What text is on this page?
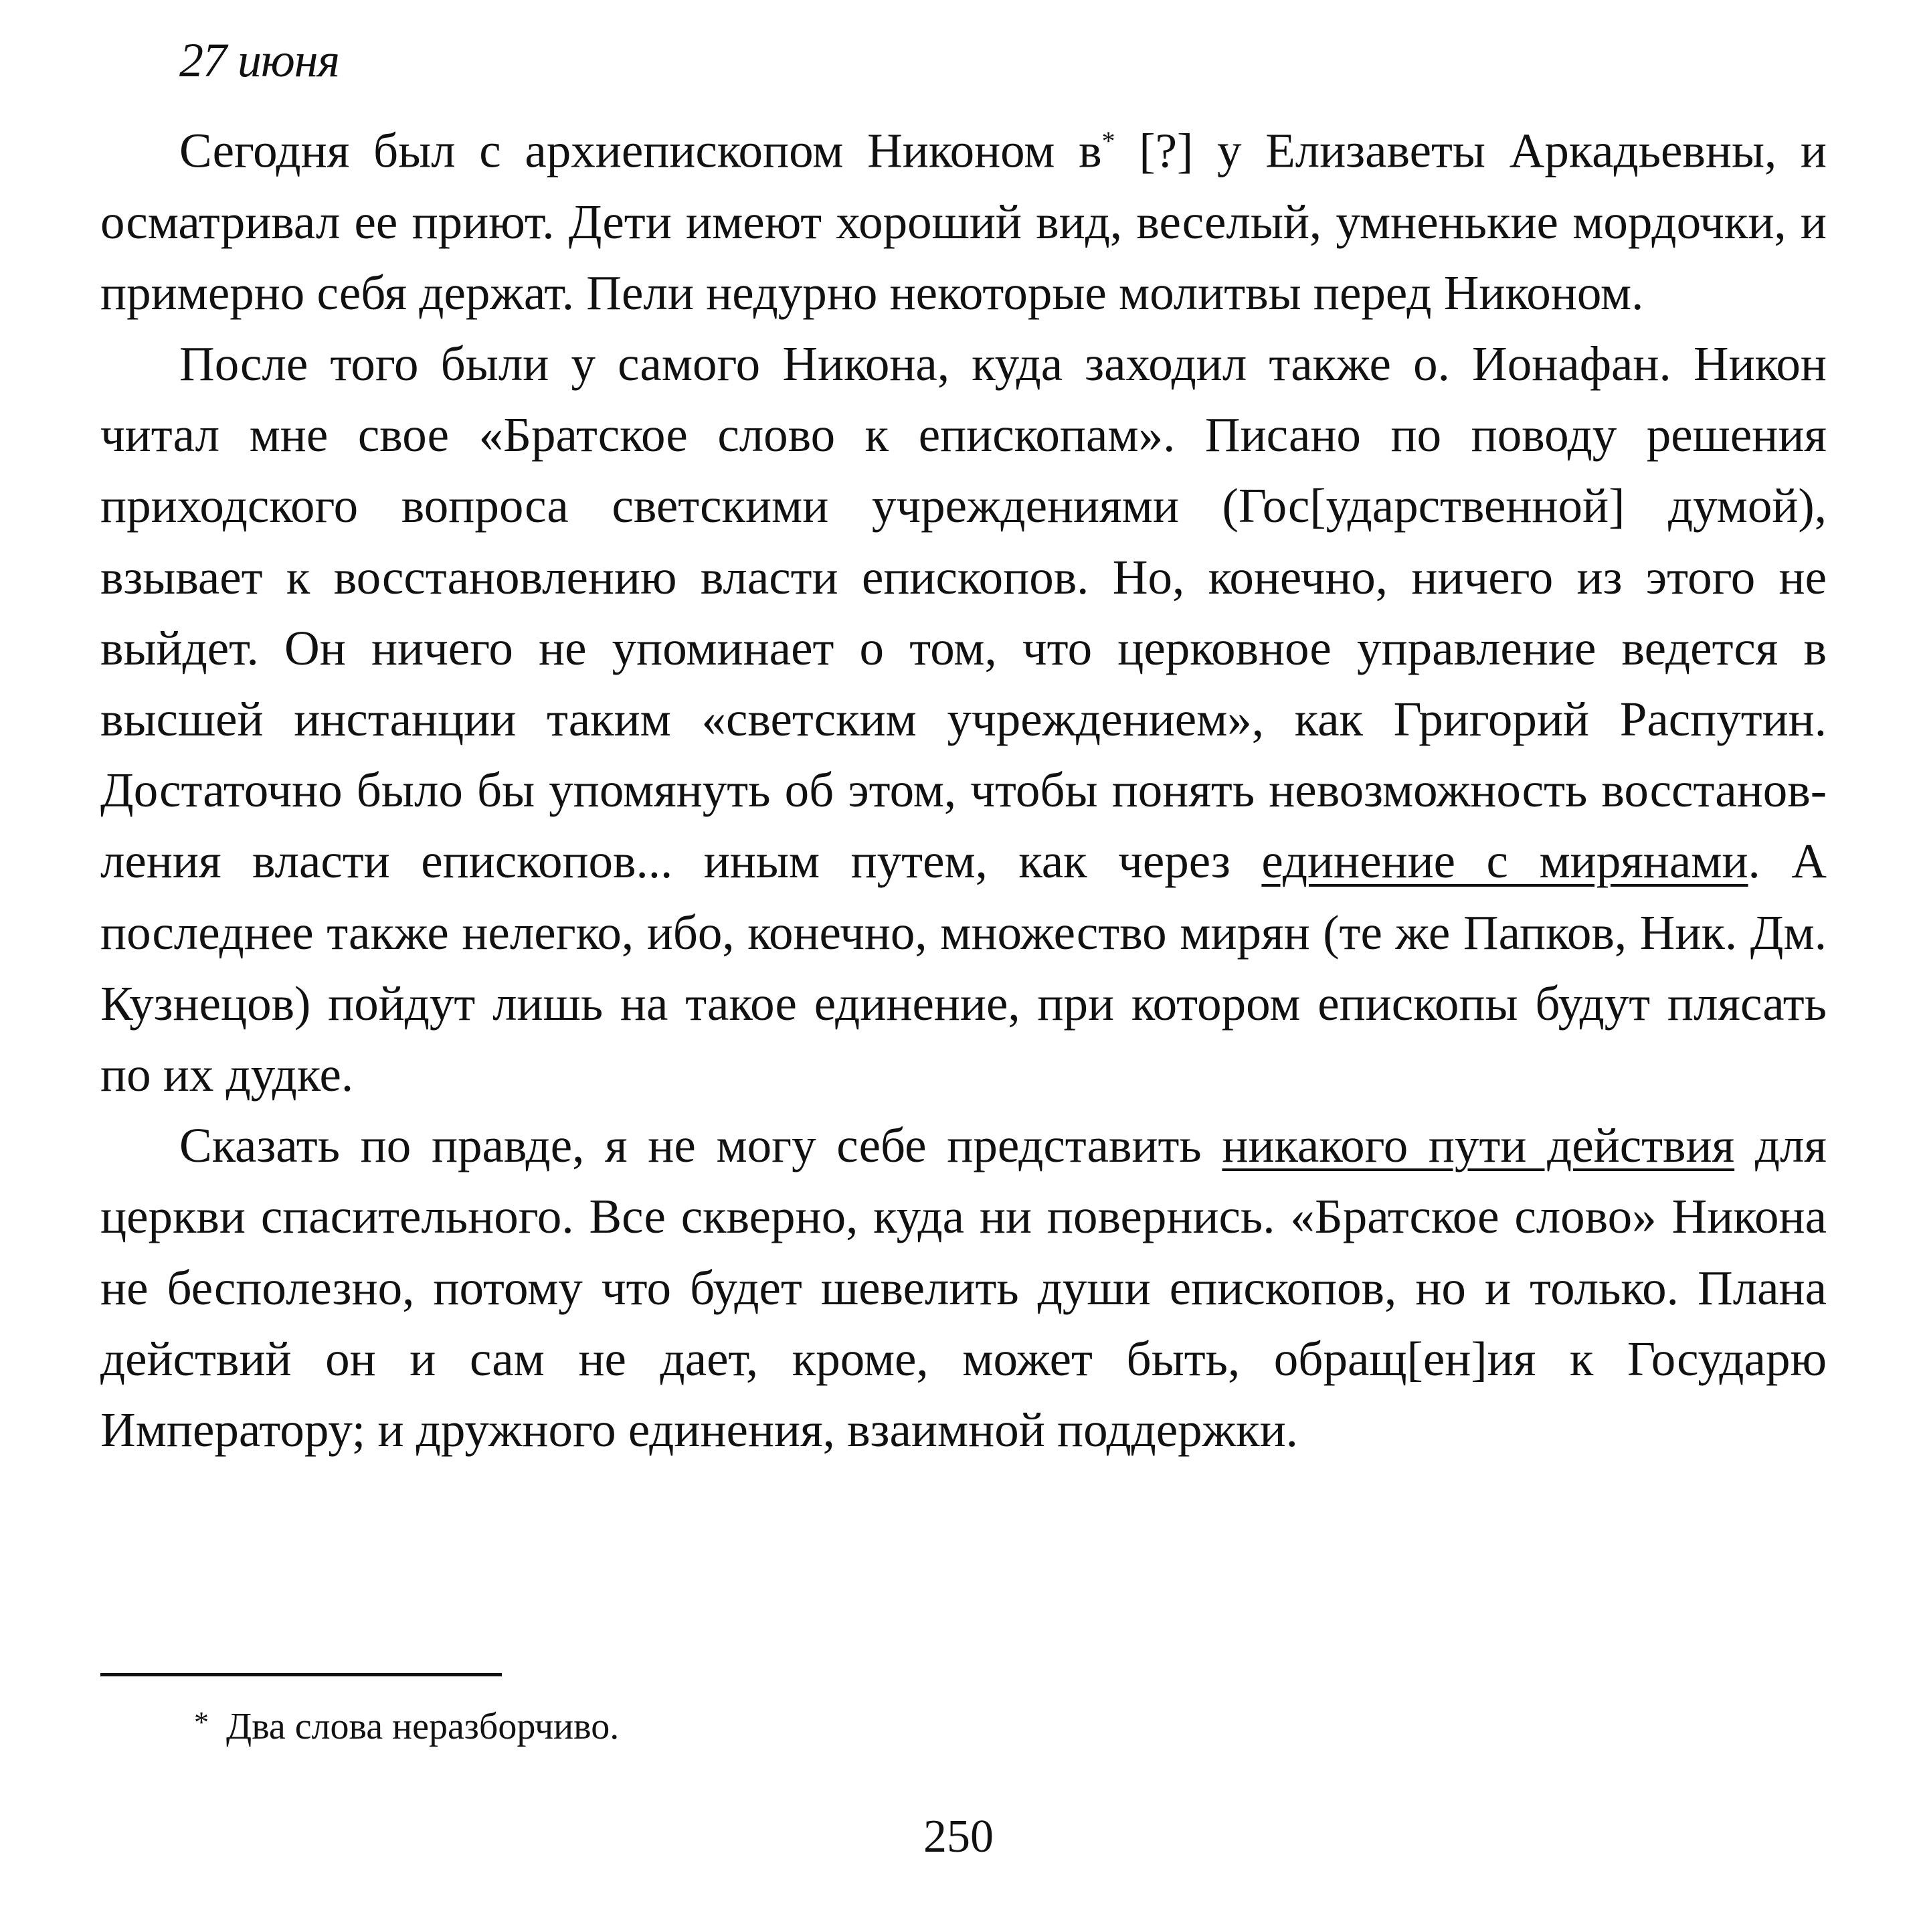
27 июня

Сегодня был с архиепископом Никоном в* [?] у Елизаветы Аркадьевны, и осматривал ее приют. Дети имеют хороший вид, веселый, умненькие мордочки, и примерно себя держат. Пели недурно некоторые молитвы перед Никоном.

После того были у самого Никона, куда заходил также о. Ионафан. Никон читал мне свое «Братское слово к епископам». Писано по поводу решения приходского вопроса светскими учреждениями (Гос[ударственной] думой), взывает к восстановлению власти епископов. Но, конечно, ничего из этого не выйдет. Он ничего не упоминает о том, что церковное управление ведется в высшей инстанции таким «светским учреждением», как Григорий Распутин. Достаточно было бы упомянуть об этом, чтобы понять невозможность восстановления власти епископов... иным путем, как через единение с мирянами. А последнее также нелегко, ибо, конечно, множество мирян (те же Папков, Ник. Дм. Кузнецов) пойдут лишь на такое единение, при котором епископы будут плясать по их дудке.

Сказать по правде, я не могу себе представить никакого пути действия для церкви спасительного. Все скверно, куда ни повернись. «Братское слово» Никона не бесполезно, потому что будет шевелить души епископов, но и только. Плана действий он и сам не дает, кроме, может быть, обращ[ен]ия к Государю Императору; и дружного единения, взаимной поддержки.

* Два слова неразборчиво.
250
